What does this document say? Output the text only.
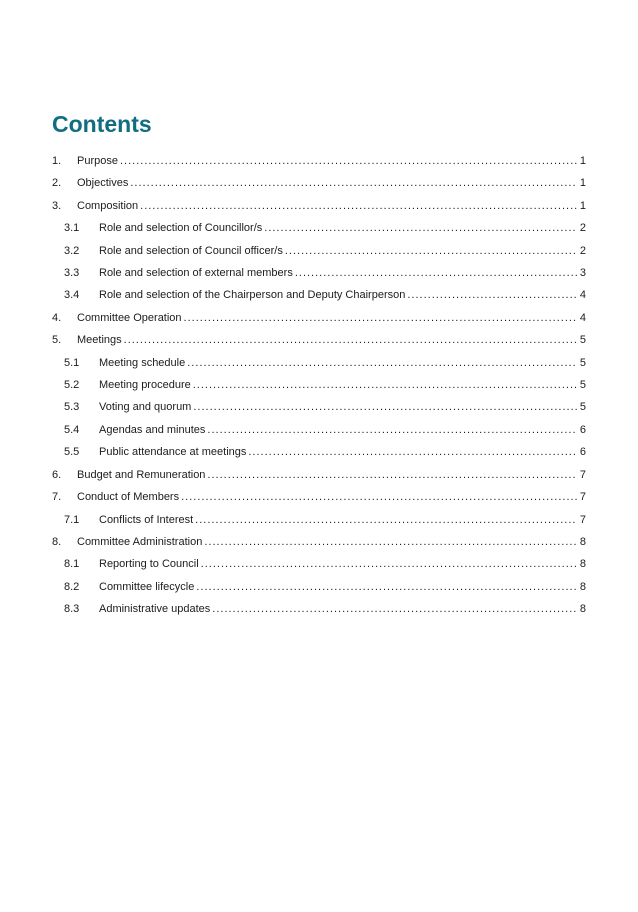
Contents
1.	Purpose .....	1
2.	Objectives .....	1
3.	Composition .....	1
3.1	Role and selection of Councillor/s .....	2
3.2	Role and selection of Council officer/s .....	2
3.3	Role and selection of external members .....	3
3.4	Role and selection of the Chairperson and Deputy Chairperson .....	4
4.	Committee Operation .....	4
5.	Meetings .....	5
5.1	Meeting schedule .....	5
5.2	Meeting procedure .....	5
5.3	Voting and quorum .....	5
5.4	Agendas and minutes .....	6
5.5	Public attendance at meetings .....	6
6.	Budget and Remuneration .....	7
7.	Conduct of Members .....	7
7.1	Conflicts of Interest .....	7
8.	Committee Administration .....	8
8.1	Reporting to Council .....	8
8.2	Committee lifecycle .....	8
8.3	Administrative updates .....	8
